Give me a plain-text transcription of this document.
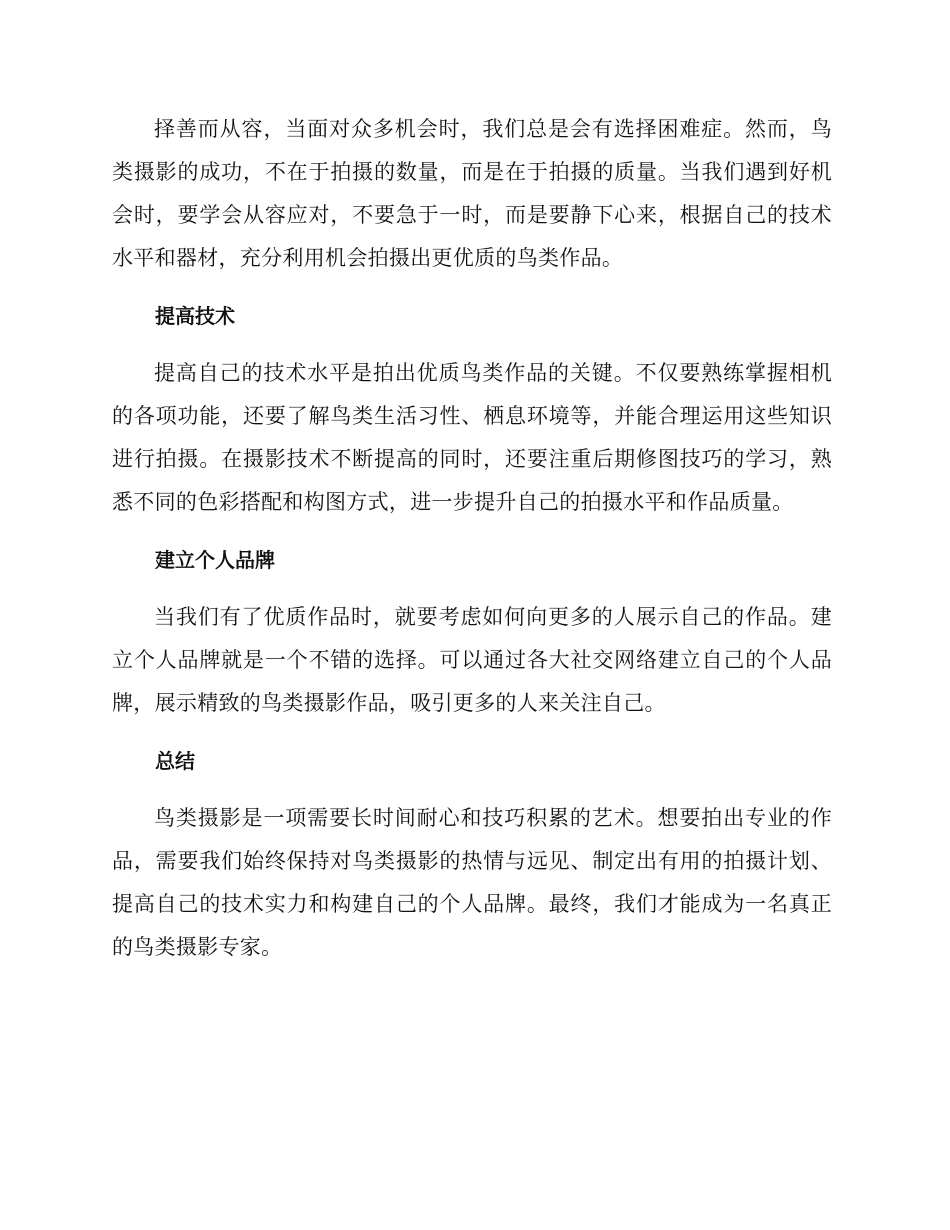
择善而从容，当面对众多机会时，我们总是会有选择困难症。然而，鸟类摄影的成功，不在于拍摄的数量，而是在于拍摄的质量。当我们遇到好机会时，要学会从容应对，不要急于一时，而是要静下心来，根据自己的技术水平和器材，充分利用机会拍摄出更优质的鸟类作品。

提高技术

提高自己的技术水平是拍出优质鸟类作品的关键。不仅要熟练掌握相机的各项功能，还要了解鸟类生活习性、栖息环境等，并能合理运用这些知识进行拍摄。在摄影技术不断提高的同时，还要注重后期修图技巧的学习，熟悉不同的色彩搭配和构图方式，进一步提升自己的拍摄水平和作品质量。

建立个人品牌

当我们有了优质作品时，就要考虑如何向更多的人展示自己的作品。建立个人品牌就是一个不错的选择。可以通过各大社交网络建立自己的个人品牌，展示精致的鸟类摄影作品，吸引更多的人来关注自己。

总结

鸟类摄影是一项需要长时间耐心和技巧积累的艺术。想要拍出专业的作品，需要我们始终保持对鸟类摄影的热情与远见、制定出有用的拍摄计划、提高自己的技术实力和构建自己的个人品牌。最终，我们才能成为一名真正的鸟类摄影专家。
